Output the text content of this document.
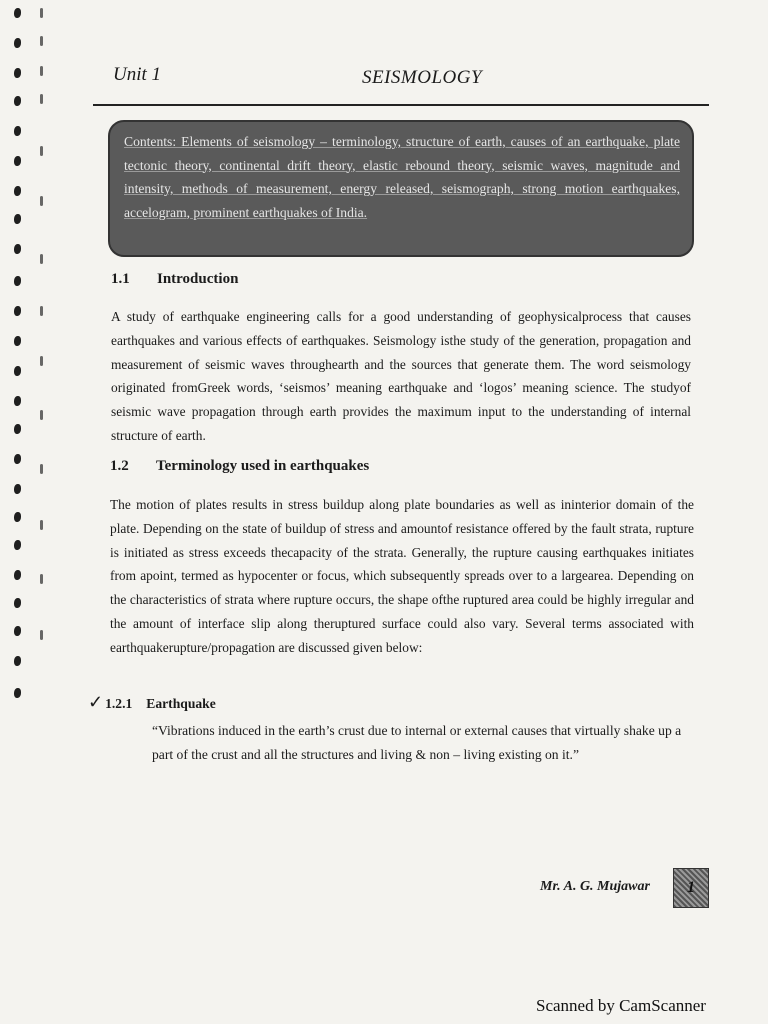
Unit 1	SEISMOLOGY
Contents: Elements of seismology – terminology, structure of earth, causes of an earthquake, plate tectonic theory, continental drift theory, elastic rebound theory, seismic waves, magnitude and intensity, methods of measurement, energy released, seismograph, strong motion earthquakes, accelogram, prominent earthquakes of India.
1.1 Introduction
A study of earthquake engineering calls for a good understanding of geophysicalprocess that causes earthquakes and various effects of earthquakes. Seismology isthe study of the generation, propagation and measurement of seismic waves throughearth and the sources that generate them. The word seismology originated fromGreek words, ‘seismos’ meaning earthquake and ‘logos’ meaning science. The studyof seismic wave propagation through earth provides the maximum input to the understanding of internal structure of earth.
1.2 Terminology used in earthquakes
The motion of plates results in stress buildup along plate boundaries as well as ininterior domain of the plate. Depending on the state of buildup of stress and amountof resistance offered by the fault strata, rupture is initiated as stress exceeds thecapacity of the strata. Generally, the rupture causing earthquakes initiates from apoint, termed as hypocenter or focus, which subsequently spreads over to a largearea. Depending on the characteristics of strata where rupture occurs, the shape ofthe ruptured area could be highly irregular and the amount of interface slip along theruptured surface could also vary. Several terms associated with earthquakerupture/propagation are discussed given below:
✓ 1.2.1 Earthquake
“Vibrations induced in the earth’s crust due to internal or external causes that virtually shake up a part of the crust and all the structures and living & non – living existing on it.”
Mr. A. G. Mujawar	1
Scanned by CamScanner
